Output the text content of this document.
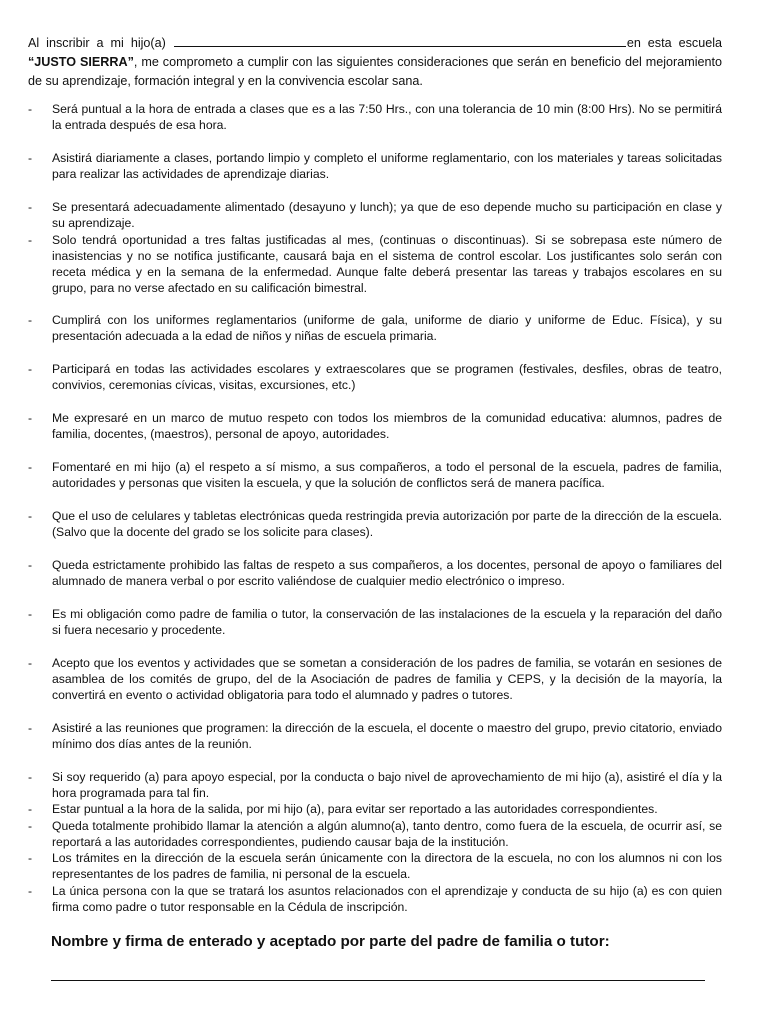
Al inscribir a mi hijo(a)	en esta escuela “JUSTO SIERRA”, me comprometo a cumplir con las siguientes consideraciones que serán en beneficio del mejoramiento de su aprendizaje, formación integral y en la convivencia escolar sana.

-	Será puntual a la hora de entrada a clases que es a las 7:50 Hrs., con una tolerancia de 10 min (8:00 Hrs). No se permitirá la entrada después de esa hora.
-	Asistirá diariamente a clases, portando limpio y completo el uniforme reglamentario, con los materiales y tareas solicitadas para realizar las actividades de aprendizaje diarias.
-	Se presentará adecuadamente alimentado (desayuno y lunch); ya que de eso depende mucho su participación en clase y su aprendizaje.
-	Solo tendrá oportunidad a tres faltas justificadas al mes, (continuas o discontinuas). Si se sobrepasa este número de inasistencias y no se notifica justificante, causará baja en el sistema de control escolar. Los justificantes solo serán con receta médica y en la semana de la enfermedad. Aunque falte deberá presentar las tareas y trabajos escolares en su grupo, para no verse afectado en su calificación bimestral.
-	Cumplirá con los uniformes reglamentarios (uniforme de gala, uniforme de diario y uniforme de Educ. Física), y su presentación adecuada a la edad de niños y niñas de escuela primaria.
-	Participará en todas las actividades escolares y extraescolares que se programen (festivales, desfiles, obras de teatro, convivios, ceremonias cívicas, visitas, excursiones, etc.)
-	Me expresaré en un marco de mutuo respeto con todos los miembros de la comunidad educativa: alumnos, padres de familia, docentes, (maestros), personal de apoyo, autoridades.
-	Fomentaré en mi hijo (a) el respeto a sí mismo, a sus compañeros, a todo el personal de la escuela, padres de familia, autoridades y personas que visiten la escuela, y que la solución de conflictos será de manera pacífica.
-	Que el uso de celulares y tabletas electrónicas queda restringida previa autorización por parte de la dirección de la escuela. (Salvo que la docente del grado se los solicite para clases).
-	Queda estrictamente prohibido las faltas de respeto a sus compañeros, a los docentes, personal de apoyo o familiares del alumnado de manera verbal o por escrito valiéndose de cualquier medio electrónico o impreso.
-	Es mi obligación como padre de familia o tutor, la conservación de las instalaciones de la escuela y la reparación del daño si fuera necesario y procedente.
-	Acepto que los eventos y actividades que se sometan a consideración de los padres de familia, se votarán en sesiones de asamblea de los comités de grupo, del de la Asociación de padres de familia y CEPS, y la decisión de la mayoría, la convertirá en evento o actividad obligatoria para todo el alumnado y padres o tutores.
-	Asistiré a las reuniones que programen: la dirección de la escuela, el docente o maestro del grupo, previo citatorio, enviado mínimo dos días antes de la reunión.
-	Si soy requerido (a) para apoyo especial, por la conducta o bajo nivel de aprovechamiento de mi hijo (a), asistiré el día y la hora programada para tal fin.
-	Estar puntual a la hora de la salida, por mi hijo (a), para evitar ser reportado a las autoridades correspondientes.
-	Queda totalmente prohibido llamar la atención a algún alumno(a), tanto dentro, como fuera de la escuela, de ocurrir así, se reportará a las autoridades correspondientes, pudiendo causar baja de la institución.
-	Los trámites en la dirección de la escuela serán únicamente con la directora de la escuela, no con los alumnos ni con los representantes de los padres de familia, ni personal de la escuela.
-	La única persona con la que se tratará los asuntos relacionados con el aprendizaje y conducta de su hijo (a) es con quien firma como padre o tutor responsable en la Cédula de inscripción.
Nombre y firma de enterado y aceptado por parte del padre de familia o tutor:
